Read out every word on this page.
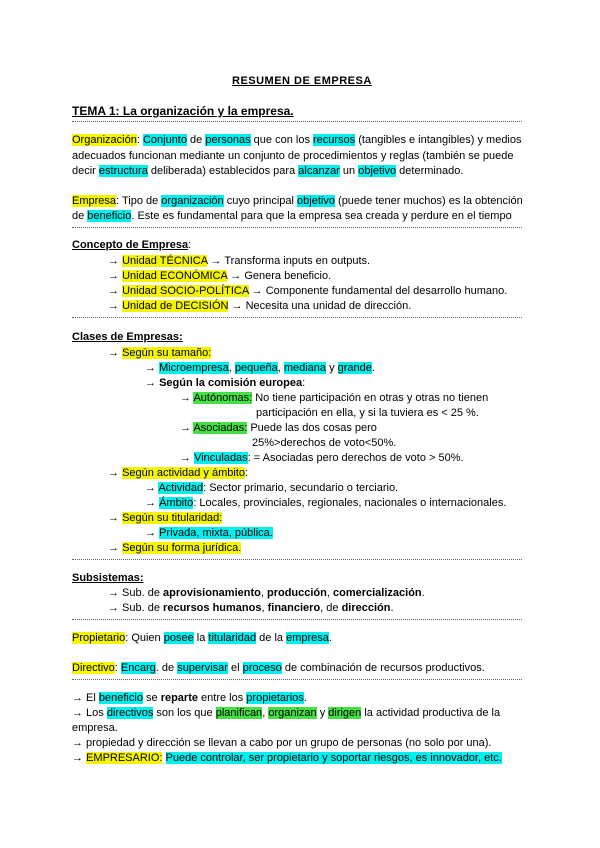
RESUMEN DE EMPRESA
TEMA 1: La organización y la empresa.
Organización: Conjunto de personas que con los recursos (tangibles e intangibles) y medios
adecuados funcionan mediante un conjunto de procedimientos y reglas (también se puede
decir estructura deliberada) establecidos para alcanzar un objetivo determinado.
Empresa: Tipo de organización cuyo principal objetivo (puede tener muchos) es la obtención
de beneficio. Este es fundamental para que la empresa sea creada y perdure en el tiempo
Concepto de Empresa:
→ Unidad TÉCNICA → Transforma inputs en outputs.
→ Unidad ECONÓMICA → Genera beneficio.
→ Unidad SOCIO-POLÍTICA → Componente fundamental del desarrollo humano.
→ Unidad de DECISIÓN → Necesita una unidad de dirección.
Clases de Empresas:
→ Según su tamaño:
→ Microempresa, pequeña, mediana y grande.
→ Según la comisión europea:
→ Autónomas: No tiene participación en otras y otras no tienen
participación en ella, y si la tuviera es < 25 %.
→ Asociadas: Puede las dos cosas pero
25%>derechos de voto<50%.
→ Vinculadas: = Asociadas pero derechos de voto > 50%.
→ Según actividad y ámbito:
→ Actividad: Sector primario, secundario o terciario.
→ Ámbito: Locales, provinciales, regionales, nacionales o internacionales.
→ Según su titularidad:
→ Privada, mixta, pública.
→ Según su forma jurídica.
Subsistemas:
→ Sub. de aprovisionamiento, producción, comercialización.
→ Sub. de recursos humanos, financiero, de dirección.
Propietario: Quien posee la titularidad de la empresa.
Directivo: Encarg. de supervisar el proceso de combinación de recursos productivos.
→ El beneficio se reparte entre los propietarios.
→ Los directivos son los que planifican, organizan y dirigen la actividad productiva de la
empresa.
→ propiedad y dirección se llevan a cabo por un grupo de personas (no solo por una).
→ EMPRESARIO: Puede controlar, ser propietario y soportar riesgos, es innovador, etc.
